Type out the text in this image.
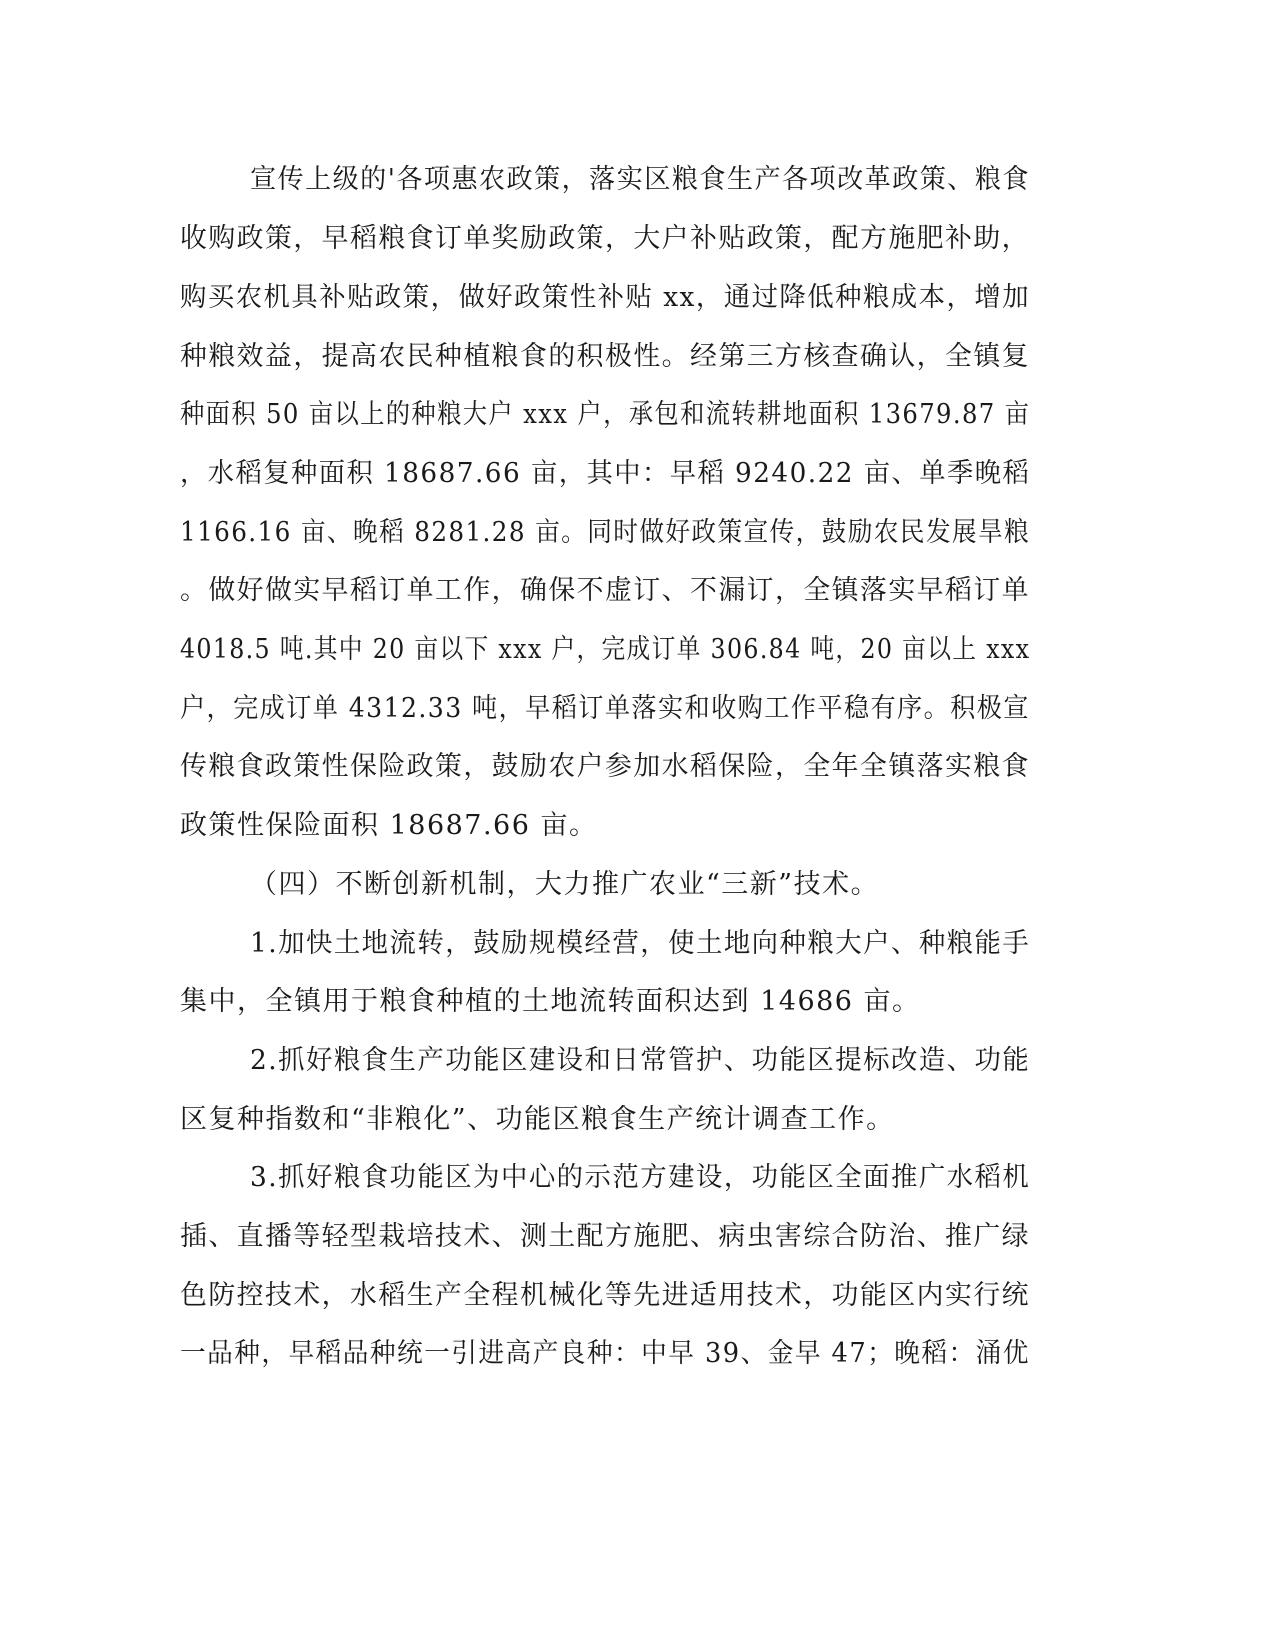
宣传上级的'各项惠农政策，落实区粮食生产各项改革政策、粮食
收购政策，早稻粮食订单奖励政策，大户补贴政策，配方施肥补助，
购买农机具补贴政策，做好政策性补贴 xx，通过降低种粮成本，增加
种粮效益，提高农民种植粮食的积极性。经第三方核查确认，全镇复
种面积 50 亩以上的种粮大户 xxx 户，承包和流转耕地面积 13679.87 亩
，水稻复种面积 18687.66 亩，其中：早稻 9240.22 亩、单季晚稻
1166.16 亩、晚稻 8281.28 亩。同时做好政策宣传，鼓励农民发展旱粮
。做好做实早稻订单工作，确保不虚订、不漏订，全镇落实早稻订单
4018.5 吨.其中 20 亩以下 xxx 户，完成订单 306.84 吨，20 亩以上 xxx
户，完成订单 4312.33 吨，早稻订单落实和收购工作平稳有序。积极宣
传粮食政策性保险政策，鼓励农户参加水稻保险，全年全镇落实粮食
政策性保险面积 18687.66 亩。
（四）不断创新机制，大力推广农业“三新”技术。
1.加快土地流转，鼓励规模经营，使土地向种粮大户、种粮能手
集中，全镇用于粮食种植的土地流转面积达到 14686 亩。
2.抓好粮食生产功能区建设和日常管护、功能区提标改造、功能
区复种指数和“非粮化”、功能区粮食生产统计调查工作。
3.抓好粮食功能区为中心的示范方建设，功能区全面推广水稻机
插、直播等轻型栽培技术、测土配方施肥、病虫害综合防治、推广绿
色防控技术，水稻生产全程机械化等先进适用技术，功能区内实行统
一品种，早稻品种统一引进高产良种：中早 39、金早 47；晚稻：涌优
